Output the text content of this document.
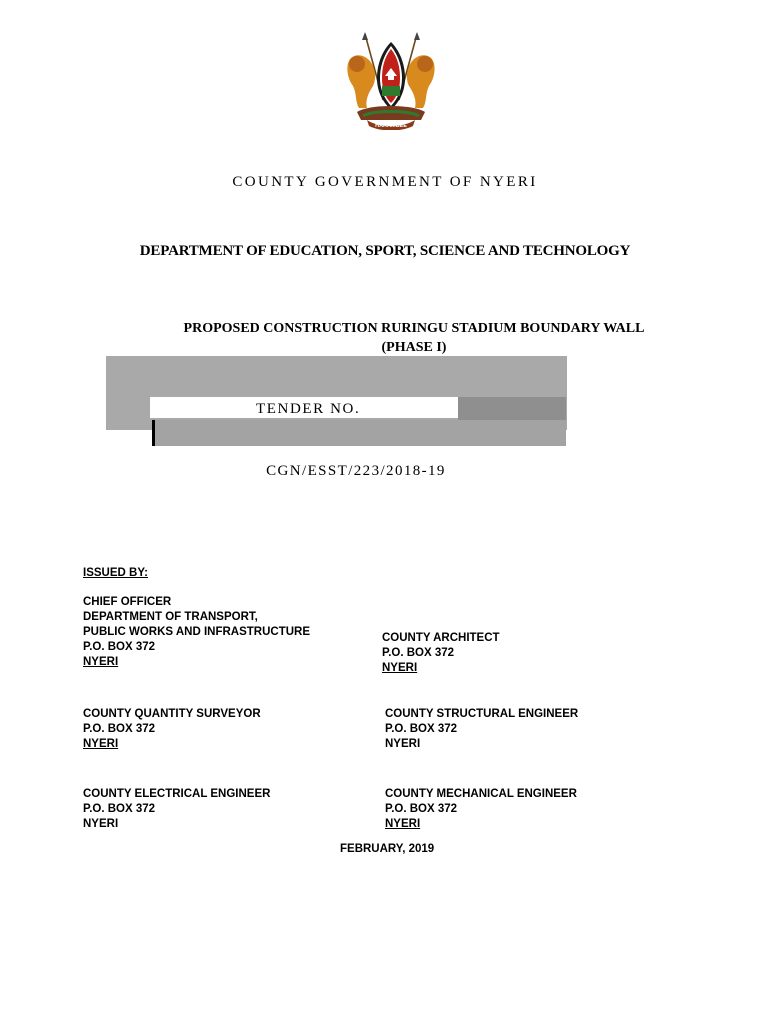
HARAMBEE
COUNTY GOVERNMENT OF NYERI
DEPARTMENT OF EDUCATION, SPORT, SCIENCE AND TECHNOLOGY
PROPOSED CONSTRUCTION RURINGU STADIUM BOUNDARY WALL
(PHASE I)
TENDER NO.
CGN/ESST/223/2018-19
ISSUED BY:
CHIEF OFFICER
DEPARTMENT OF TRANSPORT,
PUBLIC WORKS AND INFRASTRUCTURE
P.O. BOX 372
NYERI
COUNTY ARCHITECT
P.O. BOX 372
NYERI
COUNTY QUANTITY SURVEYOR
P.O. BOX 372
NYERI
COUNTY STRUCTURAL ENGINEER
P.O. BOX 372
NYERI
COUNTY ELECTRICAL ENGINEER
P.O. BOX 372
NYERI
COUNTY MECHANICAL ENGINEER
P.O. BOX 372
NYERI
FEBRUARY, 2019
